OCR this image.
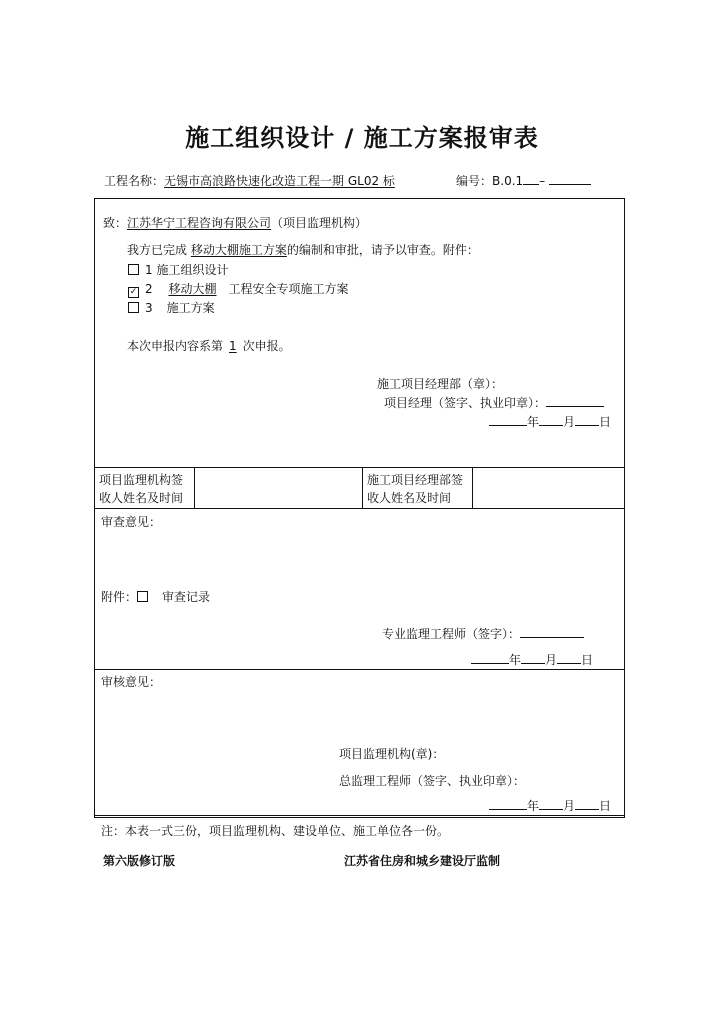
施工组织设计 / 施工方案报审表
工程名称：无锡市高浪路快速化改造工程一期 GL02 标	编号：B.0.1 –
致：江苏华宁工程咨询有限公司（项目监理机构）
我方已完成 移动大棚施工方案的编制和审批，请予以审查。附件：
1 施工组织设计
✓ 2 移动大棚 工程安全专项施工方案
3 施工方案
本次申报内容系第 1 次申报。
施工项目经理部（章）：
项目经理（签字、执业印章）：
年 月 日
项目监理机构签
收人姓名及时间
施工项目经理部签
收人姓名及时间
审查意见：
附件： 审查记录
专业监理工程师（签字）：
年 月 日
审核意见：
项目监理机构(章)：
总监理工程师（签字、执业印章）：
年 月 日
注：本表一式三份，项目监理机构、建设单位、施工单位各一份。
第六版修订版	江苏省住房和城乡建设厅监制
